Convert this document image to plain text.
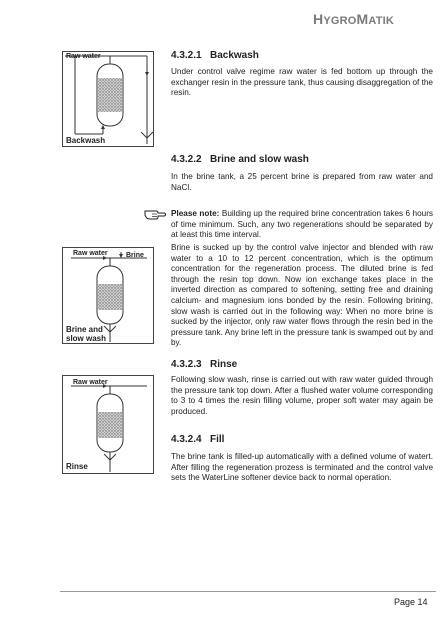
HYGROMATIK
Raw water
Backwash
Raw water	Brine
Brine and
slow wash
Raw water
Rinse
4.3.2.1 Backwash
Under control valve regime raw water is fed bottom up through the exchanger resin in the pressure tank, thus causing disaggregation of the resin.
4.3.2.2 Brine and slow wash
In the brine tank, a 25 percent brine is prepared from raw water and NaCl.
Please note: Building up the required brine concentration takes 6 hours of time minimum. Such, any two regenerations should be separated by at least this time interval.
Brine is sucked up by the control valve injector and blended with raw water to a 10 to 12 percent concentration, which is the optimum concentration for the regeneration process. The diluted brine is fed through the resin top down. Now ion exchange takes place in the inverted direction as compared to softening, setting free and draining calcium- and magnesium ions bonded by the resin. Following brining, slow wash is carried out in the following way: When no more brine is sucked by the injector, only raw water flows through the resin bed in the pressure tank. Any brine left in the pressure tank is swamped out by and by.
4.3.2.3 Rinse
Following slow wash, rinse is carried out with raw water guided through the pressure tank top down. After a flushed water volume corresponding to 3 to 4 times the resin filling volume, proper soft water may again be produced.
4.3.2.4 Fill
The brine tank is filled-up automatically with a defined volume of watert. After filling the regeneration prozess is terminated and the control valve sets the WaterLine softener device back to normal operation.
Page 14
